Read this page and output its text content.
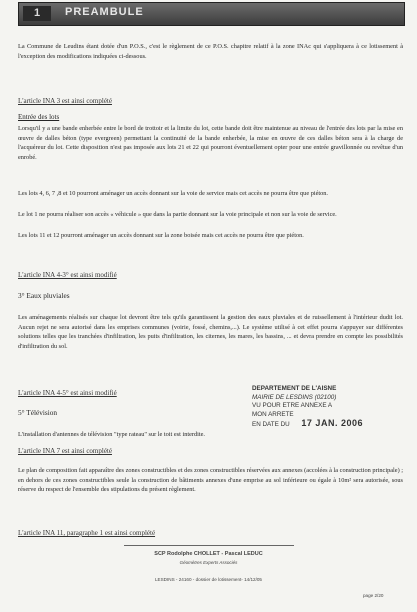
1	PREAMBULE

La Commune de Leudins étant dotée d'un P.O.S., c'est le règlement de ce P.O.S. chapitre relatif à la zone INAc qui s'appliquera à ce lotissement à l'exception des modifications indiquées ci-dessous.

L'article INA 3 est ainsi complété

Entrée des lots

Lorsqu'il y a une bande enherbée entre le bord de trottoir et la limite du lot, cette bande doit être maintenue au niveau de l'entrée des lots par la mise en œuvre de dalles béton (type evergreen) permettant la continuité de la bande enherbée, la mise en œuvre de ces dalles béton sera à la charge de l'acquéreur du lot. Cette disposition n'est pas imposée aux lots 21 et 22 qui pourront éventuellement opter pour une entrée gravillonnée ou revêtue d'un enrobé.

Les lots 4, 6, 7 ,8 et 10 pourront aménager un accès donnant sur la voie de service mais cet accès ne pourra être que piéton.

Le lot 1 ne pourra réaliser son accès « véhicule » que dans la partie donnant sur la voie principale et non sur la voie de service.

Les lots 11 et 12 pourront aménager un accès donnant sur la zone boisée mais cet accès ne pourra être que piéton.

L'article INA 4-3° est ainsi modifié

3° Eaux pluviales

Les aménagements réalisés sur chaque lot devront être tels qu'ils garantissent la gestion des eaux pluviales et de ruissellement à l'intérieur dudit lot. Aucun rejet ne sera autorisé dans les emprises communes (voirie, fossé, chemins,...). Le système utilisé à cet effet pourra s'appuyer sur différentes solutions telles que les tranchées d'infiltration, les puits d'infiltration, les citernes, les mares, les bassins, ... et devra prendre en compte les possibilités d'infiltration du sol.

L'article INA 4-5° est ainsi modifié

5° Télévision

L'installation d'antennes de télévision "type rateau" sur le toit est interdite.

DEPARTEMENT DE L'AISNE
MAIRIE DE LESDINS (02100)
VU POUR ETRE ANNEXE A
MON ARRETE
EN DATE DU 17 JAN. 2006

L'article INA 7 est ainsi complété

Le plan de composition fait apparaître des zones constructibles et des zones constructibles réservées aux annexes (accolées à la construction principale) ; en dehors de ces zones constructibles seule la construction de bâtiments annexes d'une emprise au sol inférieure ou égale à 10m² sera autorisée, sous réserve du respect de l'ensemble des stipulations du présent règlement.

L'article INA 11, paragraphe 1 est ainsi complété

SCP Rodolphe CHOLLET - Pascal LEDUC
Géomètres Experts Associés
LESDINS - 24160 - dossier de lotissement- 14/12/05
page 2/20
